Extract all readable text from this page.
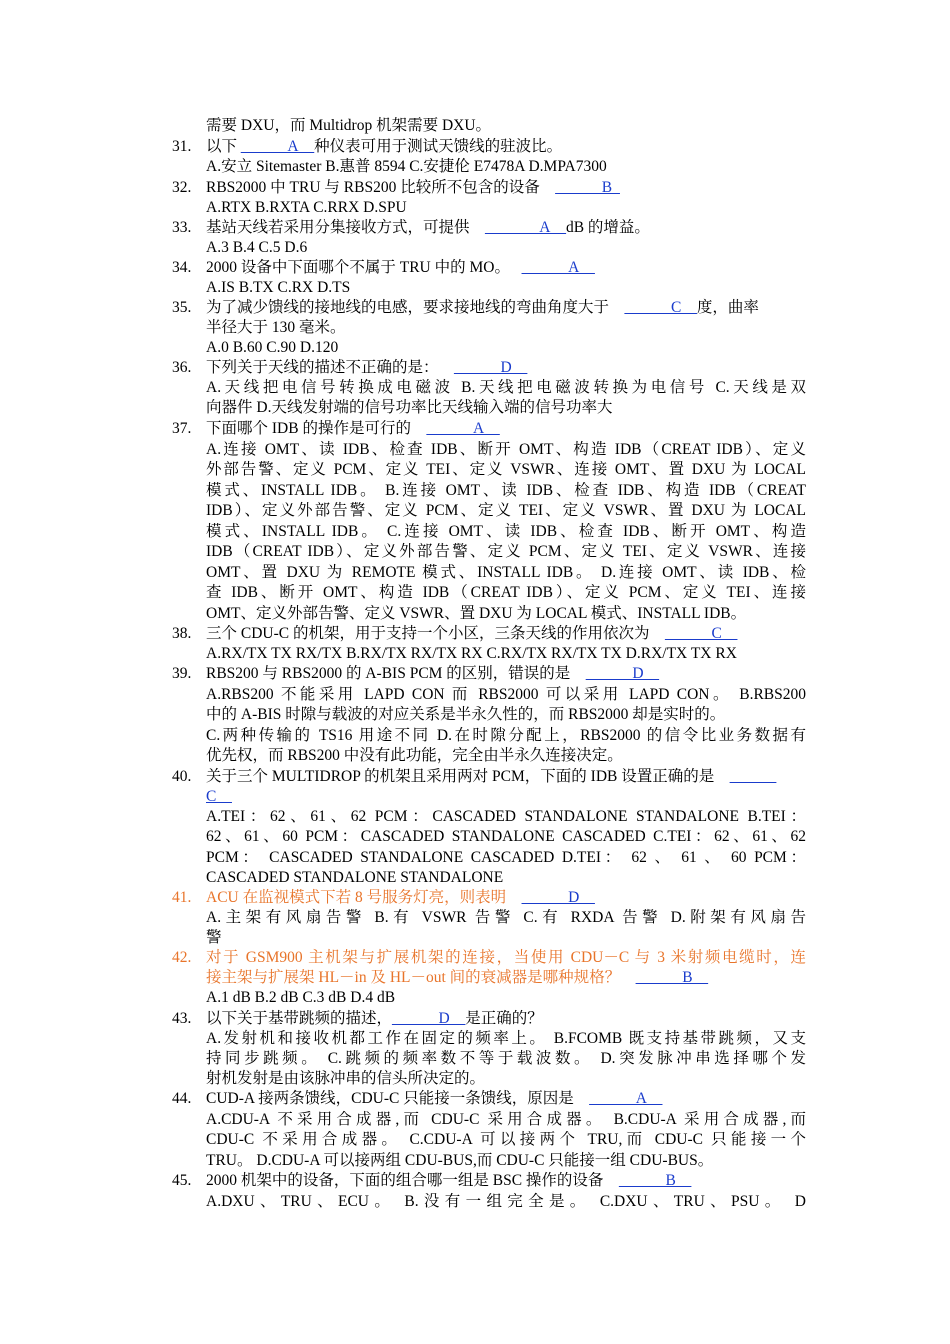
需要 DXU，而 Multidrop 机架需要 DXU。
31. 以下 ______A__种仪表可用于测试天馈线的驻波比。
A.安立 Sitemaster B.惠普 8594 C.安捷伦 E7478A D.MPA7300
32. RBS2000 中 TRU 与 RBS200 比较所不包含的设备    ______B_
A.RTX B.RXTA C.RRX D.SPU
33. 基站天线若采用分集接收方式，可提供    _______A__dB 的增益。
A.3 B.4 C.5 D.6
34. 2000 设备中下面哪个不属于 TRU 中的 MO。   ______A__
A.IS B.TX C.RX D.TS
35. 为了减少馈线的接地线的电感，要求接地线的弯曲角度大于    ______C__度，曲率
半径大于 130 毫米。
A.0 B.60 C.90 D.120
36. 下列关于天线的描述不正确的是：    ______D__
A.天线把电信号转换成电磁波 B.天线把电磁波转换为电信号 C.天线是双
向器件 D.天线发射端的信号功率比天线输入端的信号功率大
37. 下面哪个 IDB 的操作是可行的    ______A__
A.连接 OMT、读 IDB、检查 IDB、断开 OMT、构造 IDB（CREAT IDB）、定义
外部告警、定义 PCM、定义 TEI、定义 VSWR、连接 OMT、置 DXU 为 LOCAL
模式、INSTALL IDB。 B.连接 OMT、读 IDB、检查 IDB、构造 IDB（CREAT
IDB）、定义外部告警、定义 PCM、定义 TEI、定义 VSWR、置 DXU 为 LOCAL
模式、INSTALL IDB。 C.连接 OMT、读 IDB、检查 IDB、断开 OMT、构造
IDB（CREAT IDB）、定义外部告警、定义 PCM、定义 TEI、定义 VSWR、连接
OMT、置 DXU 为 REMOTE 模式、INSTALL IDB。 D.连接 OMT、读 IDB、检
查 IDB、断开 OMT、构造 IDB（CREAT IDB）、定义 PCM、定义 TEI、连接
OMT、定义外部告警、定义 VSWR、置 DXU 为 LOCAL 模式、INSTALL IDB。
38. 三个 CDU-C 的机架，用于支持一个小区，三条天线的作用依次为    ______C__
A.RX/TX TX RX/TX B.RX/TX RX/TX RX C.RX/TX RX/TX TX D.RX/TX TX RX
39. RBS200 与 RBS2000 的 A-BIS PCM 的区别，错误的是    ______D__
A.RBS200 不能采用 LAPD CON 而 RBS2000 可以采用 LAPD CON。 B.RBS200
中的 A-BIS 时隙与载波的对应关系是半永久性的，而 RBS2000 却是实时的。
C.两种传输的 TS16 用途不同 D.在时隙分配上，RBS2000 的信令比业务数据有
优先权，而 RBS200 中没有此功能，完全由半永久连接决定。
40. 关于三个 MULTIDROP 的机架且采用两对 PCM，下面的 IDB 设置正确的是    ______
C__
A.TEI：62、61、62 PCM：CASCADED STANDALONE STANDALONE B.TEI：
62、61、60 PCM：CASCADED STANDALONE CASCADED C.TEI：62、61、62
PCM： CASCADED STANDALONE CASCADED D.TEI： 62 、 61 、 60 PCM：
CASCADED STANDALONE STANDALONE
41. ACU 在监视模式下若 8 号服务灯亮，则表明    ______D__
A.主架有风扇告警 B.有 VSWR 告警 C.有 RXDA 告警 D.附架有风扇告
警
42. 对于 GSM900 主机架与扩展机架的连接，当使用 CDU－C 与 3 米射频电缆时，连
接主架与扩展架 HL－in 及 HL－out 间的衰减器是哪种规格？    ______B__
A.1 dB B.2 dB C.3 dB D.4 dB
43. 以下关于基带跳频的描述，______D__是正确的？
A.发射机和接收机都工作在固定的频率上。 B.FCOMB 既支持基带跳频，又支
持同步跳频。 C.跳频的频率数不等于载波数。 D.突发脉冲串选择哪个发
射机发射是由该脉冲串的信头所决定的。
44. CUD-A 接两条馈线，CDU-C 只能接一条馈线，原因是    ______A__
A.CDU-A 不采用合成器,而 CDU-C 采用合成器。 B.CDU-A 采用合成器,而
CDU-C 不采用合成器。 C.CDU-A 可以接两个 TRU,而 CDU-C 只能接一个
TRU。 D.CDU-A 可以接两组 CDU-BUS,而 CDU-C 只能接一组 CDU-BUS。
45. 2000 机架中的设备，下面的组合哪一组是 BSC 操作的设备    ______B__
A.DXU、TRU、ECU。 B.没有一组完全是。 C.DXU、TRU、PSU。 D
